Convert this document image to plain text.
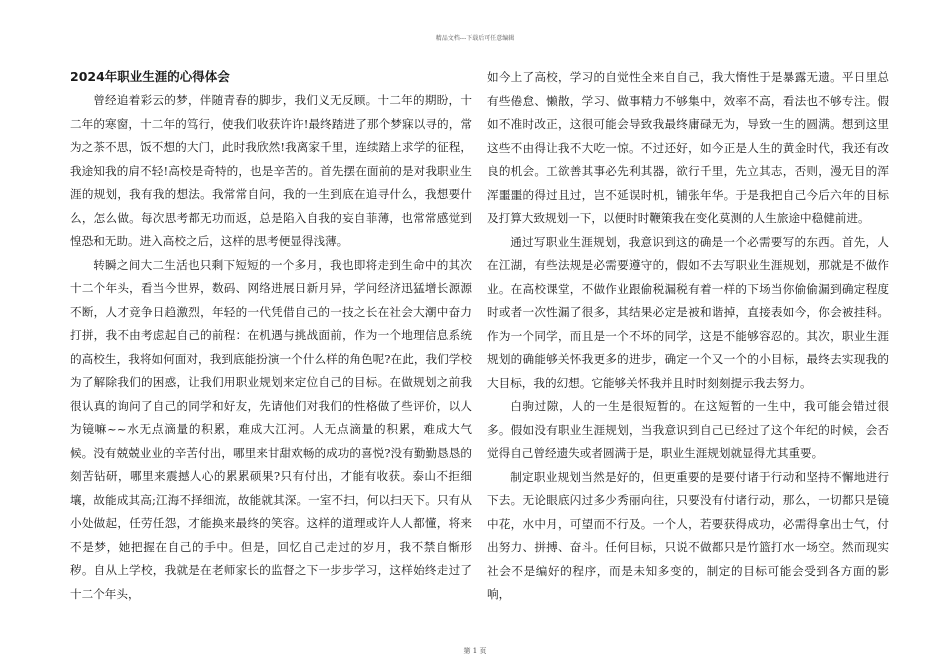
精品文档---下载后可任意编辑
2024年职业生涯的心得体会

曾经追着彩云的梦，伴随青春的脚步，我们义无反顾。十二年的期盼，十二年的寒窗，十二年的笃行，使我们收获许许!最终踏进了那个梦寐以寻的，常为之茶不思，饭不想的大门，此时我欣然!我离家千里，连续踏上求学的征程，我途知我的肩不轻!高校是奇特的，也是辛苦的。首先摆在面前的是对我职业生涯的规划，我有我的想法。我常常自问，我的一生到底在追寻什么，我想要什么，怎么做。每次思考都无功而返，总是陷入自我的妄自菲薄，也常常感觉到惶恐和无助。进入高校之后，这样的思考便显得浅薄。

转瞬之间大二生活也只剩下短短的一个多月，我也即将走到生命中的其次十二个年头，看当今世界，数码、网络进展日新月异，学问经济迅猛增长源源不断，人才竞争日趋激烈，年轻的一代凭借自己的一技之长在社会大潮中奋力打拼，我不由考虑起自己的前程：在机遇与挑战面前，作为一个地理信息系统的高校生，我将如何面对，我到底能扮演一个什么样的角色呢?在此，我们学校为了解除我们的困惑，让我们用职业规划来定位自己的目标。在做规划之前我很认真的询问了自己的同学和好友，先请他们对我们的性格做了些评价，以人为镜嘛~~水无点滴量的积累，难成大江河。人无点滴量的积累，难成大气候。没有兢兢业业的辛苦付出，哪里来甘甜欢畅的成功的喜悦?没有勤勤恳恳的刻苦钻研，哪里来震撼人心的累累硕果?只有付出，才能有收获。泰山不拒细壤，故能成其高;江海不择细流，故能就其深。一室不扫，何以扫天下。只有从小处做起，任劳任怨，才能换来最终的笑容。这样的道理或许人人都懂，将来不是梦，她把握在自己的手中。但是，回忆自己走过的岁月，我不禁自惭形秽。自从上学校，我就是在老师家长的监督之下一步步学习，这样始终走过了十二个年头，

如今上了高校，学习的自觉性全来自自己，我大惰性于是暴露无遗。平日里总有些倦怠、懒散，学习、做事精力不够集中，效率不高，看法也不够专注。假如不准时改正，这很可能会导致我最终庸碌无为，导致一生的圆满。想到这里这些不由得让我不大吃一惊。不过还好，如今正是人生的黄金时代，我还有改良的机会。工欲善其事必先利其器，欲行千里，先立其志，否则，漫无目的浑浑噩噩的得过且过，岂不延误时机，铺张年华。于是我把自己今后六年的目标及打算大致规划一下，以便时时鞭策我在变化莫测的人生旅途中稳健前进。

通过写职业生涯规划，我意识到这的确是一个必需要写的东西。首先，人在江湖，有些法规是必需要遵守的，假如不去写职业生涯规划，那就是不做作业。在高校课堂，不做作业跟偷税漏税有着一样的下场当你偷偷漏到确定程度时或者一次性漏了很多，其结果必定是被和谐掉，直接表如今，你会被挂科。作为一个同学，而且是一个不坏的同学，这是不能够容忍的。其次，职业生涯规划的确能够关怀我更多的进步，确定一个又一个的小目标，最终去实现我的大目标，我的幻想。它能够关怀我并且时时刻刻提示我去努力。

白驹过隙，人的一生是很短暂的。在这短暂的一生中，我可能会错过很多。假如没有职业生涯规划，当我意识到自己已经过了这个年纪的时候，会否觉得自己曾经遗失或者圆满于是，职业生涯规划就显得尤其重要。

制定职业规划当然是好的，但更重要的是要付诸于行动和坚持不懈地进行下去。无论眼底闪过多少秀丽向往，只要没有付诸行动，那么，一切都只是镜中花，水中月，可望而不行及。一个人，若要获得成功，必需得拿出士气，付出努力、拼搏、奋斗。任何目标，只说不做都只是竹篮打水一场空。然而现实社会不是编好的程序，而是未知多变的，制定的目标可能会受到各方面的影响，

第 1 页
